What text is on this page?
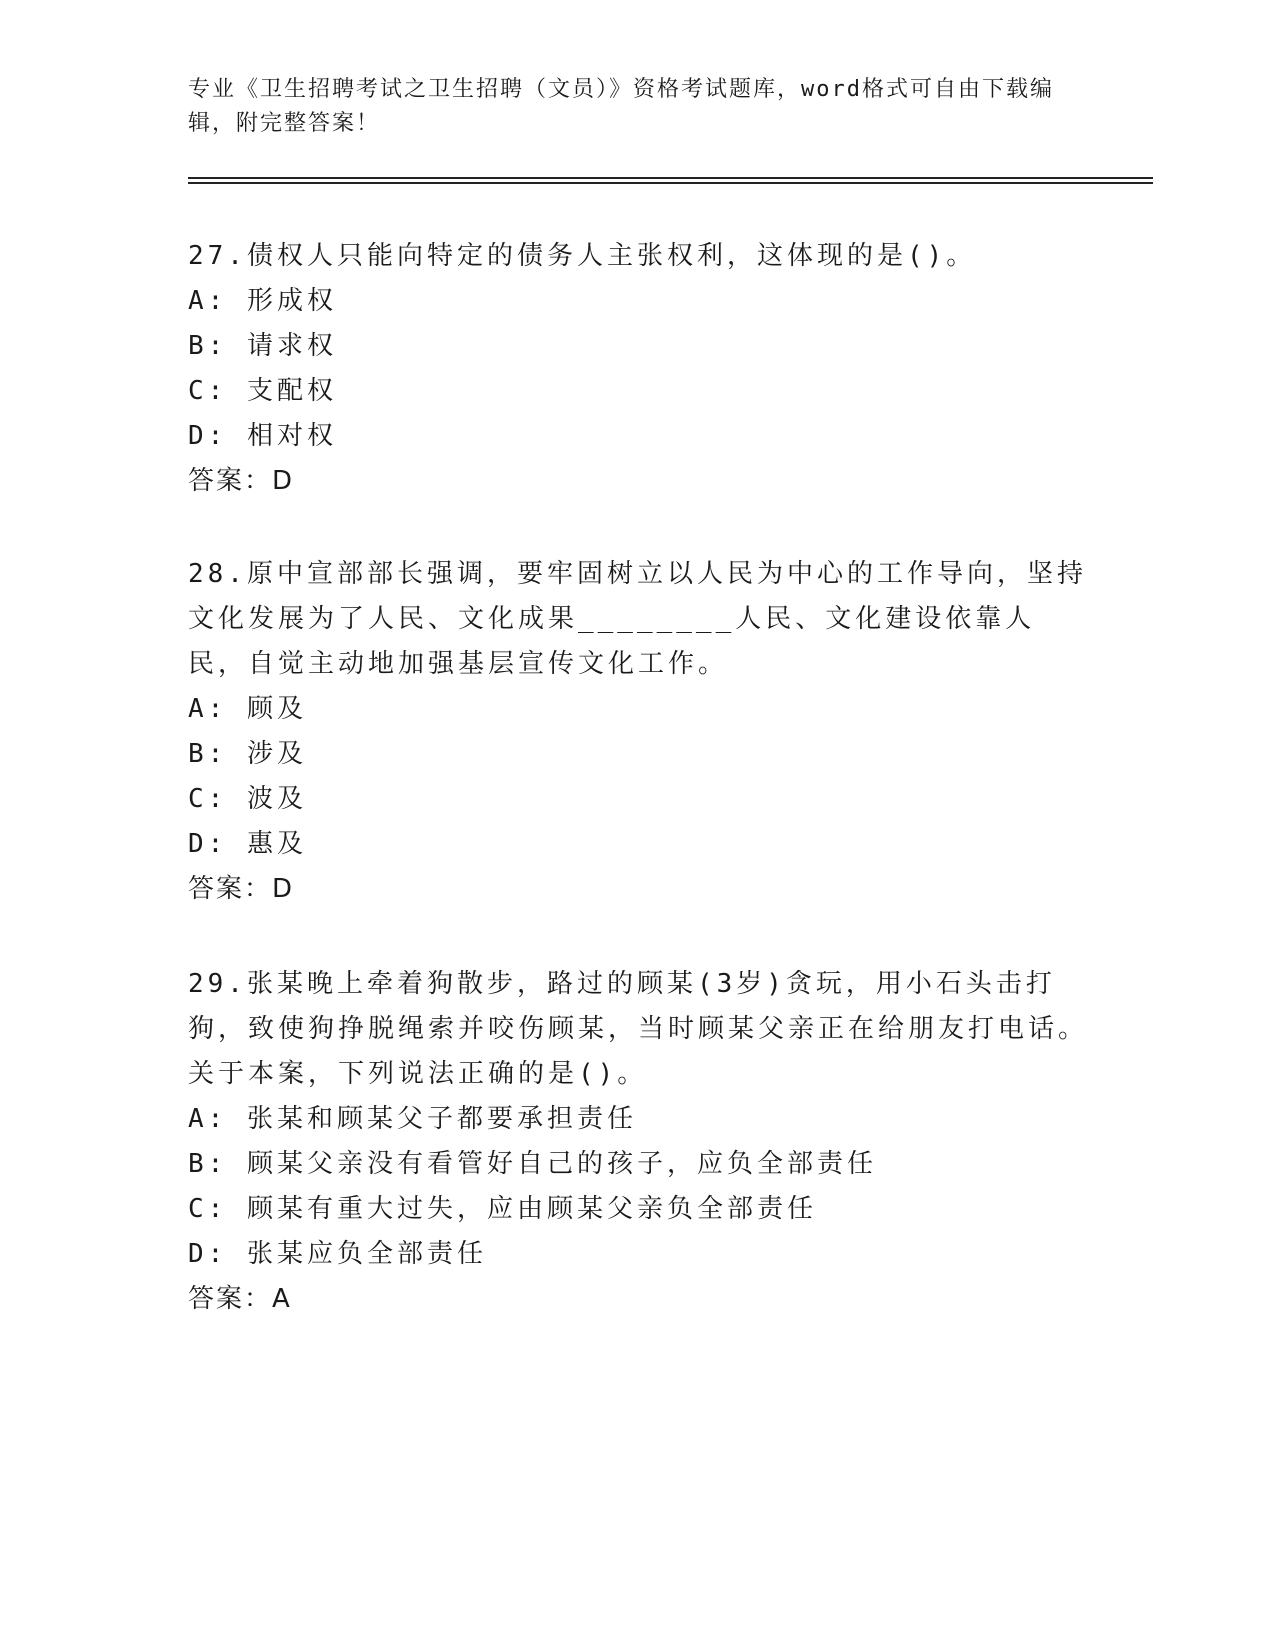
专业《卫生招聘考试之卫生招聘（文员）》资格考试题库，word格式可自由下载编辑，附完整答案！

27.债权人只能向特定的债务人主张权利，这体现的是()。

A: 形成权

B: 请求权

C: 支配权

D: 相对权

答案：D

28.原中宣部部长强调，要牢固树立以人民为中心的工作导向，坚持文化发展为了人民、文化成果________人民、文化建设依靠人民，自觉主动地加强基层宣传文化工作。

A: 顾及

B: 涉及

C: 波及

D: 惠及

答案：D

29.张某晚上牵着狗散步，路过的顾某(3岁)贪玩，用小石头击打狗，致使狗挣脱绳索并咬伤顾某，当时顾某父亲正在给朋友打电话。关于本案，下列说法正确的是()。

A: 张某和顾某父子都要承担责任

B: 顾某父亲没有看管好自己的孩子，应负全部责任

C: 顾某有重大过失，应由顾某父亲负全部责任

D: 张某应负全部责任

答案：A
